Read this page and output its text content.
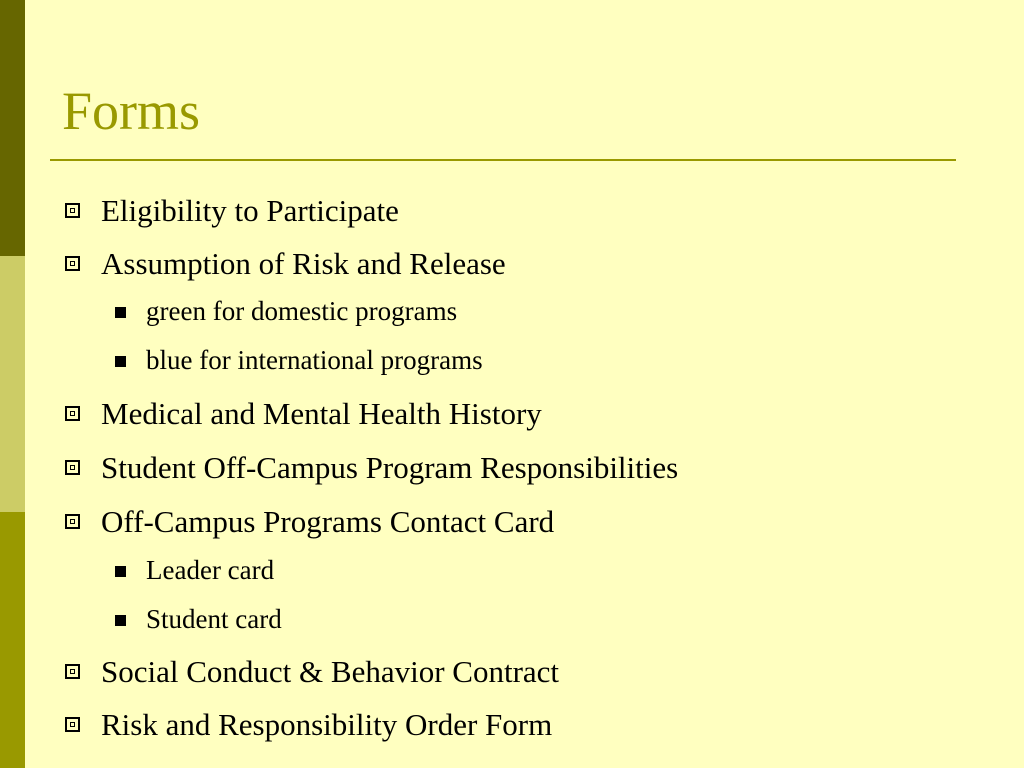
Forms
Eligibility to Participate
Assumption of Risk and Release
green for domestic programs
blue for international programs
Medical and Mental Health History
Student Off-Campus Program Responsibilities
Off-Campus Programs Contact Card
Leader card
Student card
Social Conduct & Behavior Contract
Risk and Responsibility Order Form
